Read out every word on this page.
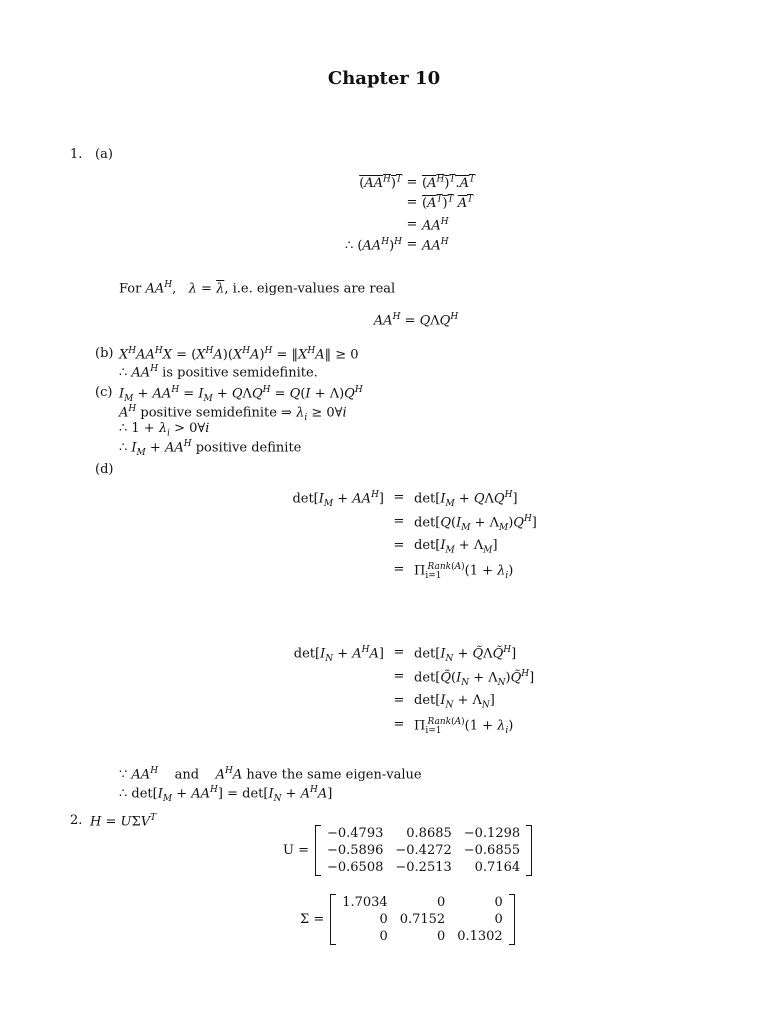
Chapter 10
1. (a)
$(AA^H)^T = (A^H)^T.A^T$
= $(A^T)^T$ $A^T$
= $AA^H$
∴ $(AA^H)^H = AA^H$
For $AA^H$,   $\lambda = \overline{\lambda}$, i.e. eigen-values are real
$AA^H = Q\Lambda Q^H$
(b) $X^HAA^HX = (X^HA)(X^HA)^H$ = $‖X^HA‖ \ge 0$
∴ $AA^H$ is positive semidefinite.
(c) $I_M + AA^H = I_M + Q\Lambda Q^H = Q(I + \Lambda)Q^H$
$A^H$ positive semidefinite ⇒ $\lambda_i$ ≥ 0∀i
∴ $1 + \lambda_i$ > 0∀i
∴ $I_M + AA^H$ positive definite
(d)
$\det[I_M + AA^H] = \det[I_M + Q\Lambda Q^H]$
= $\det[Q(I_M + \Lambda_M)Q^H]$
= $\det[I_M + \Lambda_M]$
= $\Pi_{i=1}^{Rank(A)}(1 + \lambda_i)$
$\det[I_N + A^HA] = \det[I_N$ + Q̃ΛQ̃$^H$]
= $\det[Q̃(I_N$ + $\Lambda_N)Q̃^H$]
= $\det[I_N + \Lambda_N]$
= $\Pi_{i=1}^{Rank(A)}(1 + \lambda_i)$
∵ $AA^H$    and    $A^HA$ have the same eigen-value
∴ $\det[I_M + AA^H] = \det[I_N + A^HA]$
2. $H = U\Sigma V^T$
U =
−0.4793	0.8685	−0.1298
−0.5896	−0.4272	−0.6855
−0.6508	−0.2513	0.7164
Σ =
1.7034	0	0
0	0.7152	0
0	0	0.1302
